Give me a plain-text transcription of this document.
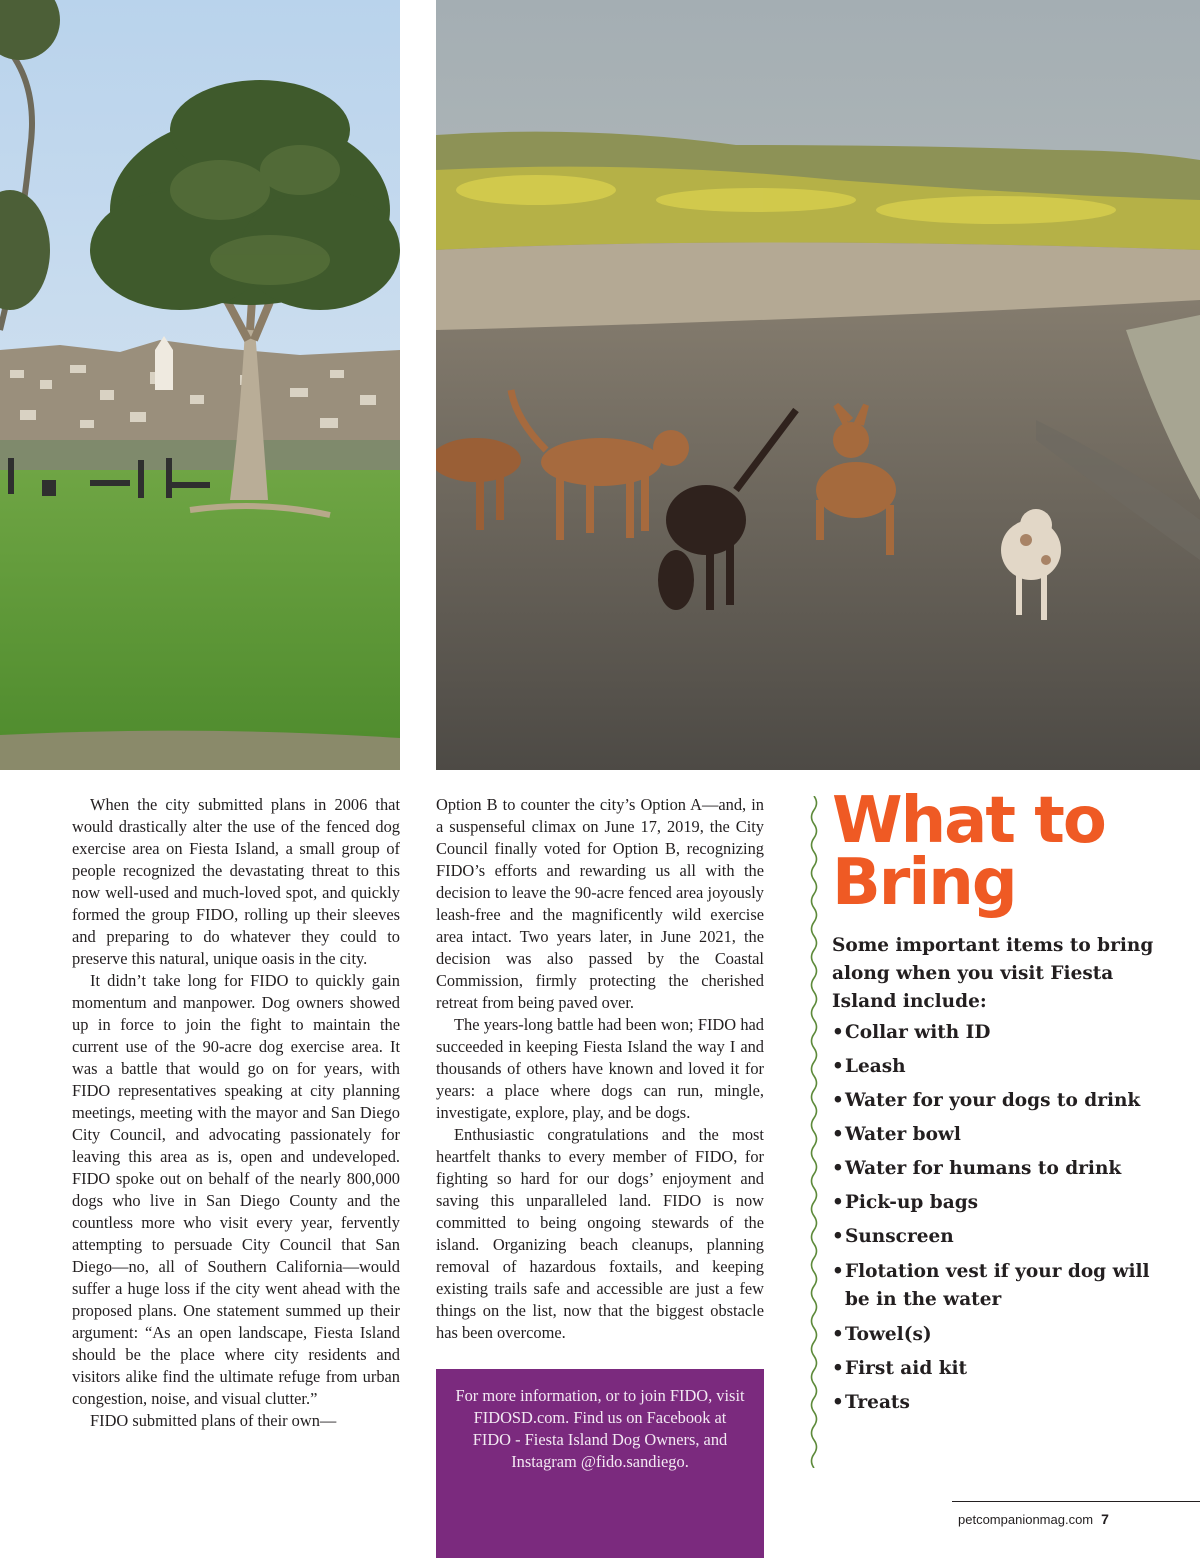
When the city submitted plans in 2006 that would drastically alter the use of the fenced dog exercise area on Fiesta Island, a small group of people recognized the devastating threat to this now well-used and much-loved spot, and quickly formed the group FIDO, rolling up their sleeves and preparing to do whatever they could to preserve this natural, unique oasis in the city.

It didn’t take long for FIDO to quickly gain momentum and manpower. Dog owners showed up in force to join the fight to maintain the current use of the 90-acre dog exercise area. It was a battle that would go on for years, with FIDO representatives speaking at city planning meetings, meeting with the mayor and San Diego City Council, and advocating passionately for leaving this area as is, open and undeveloped. FIDO spoke out on behalf of the nearly 800,000 dogs who live in San Diego County and the countless more who visit every year, fervently attempting to persuade City Council that San Diego—no, all of Southern California—would suffer a huge loss if the city went ahead with the proposed plans. One statement summed up their argument: “As an open landscape, Fiesta Island should be the place where city residents and visitors alike find the ultimate refuge from urban congestion, noise, and visual clutter.”

FIDO submitted plans of their own—

Option B to counter the city’s Option A—and, in a suspenseful climax on June 17, 2019, the City Council finally voted for Option B, recognizing FIDO’s efforts and rewarding us all with the decision to leave the 90-acre fenced area joyously leash-free and the magnificently wild exercise area intact. Two years later, in June 2021, the decision was also passed by the Coastal Commission, firmly protecting the cherished retreat from being paved over.

The years-long battle had been won; FIDO had succeeded in keeping Fiesta Island the way I and thousands of others have known and loved it for years: a place where dogs can run, mingle, investigate, explore, play, and be dogs.

Enthusiastic congratulations and the most heartfelt thanks to every member of FIDO, for fighting so hard for our dogs’ enjoyment and saving this unparalleled land. FIDO is now committed to being ongoing stewards of the island. Organizing beach cleanups, planning removal of hazardous foxtails, and keeping existing trails safe and accessible are just a few things on the list, now that the biggest obstacle has been overcome.

For more information, or to join FIDO, visit FIDOSD.com. Find us on Facebook at FIDO - Fiesta Island Dog Owners, and Instagram @fido.sandiego.
What to Bring

Some important items to bring along when you visit Fiesta Island include:

• Collar with ID
• Leash
• Water for your dogs to drink
• Water bowl
• Water for humans to drink
• Pick-up bags
• Sunscreen
• Flotation vest if your dog will be in the water
• Towel(s)
• First aid kit
• Treats

petcompanionmag.com 7
